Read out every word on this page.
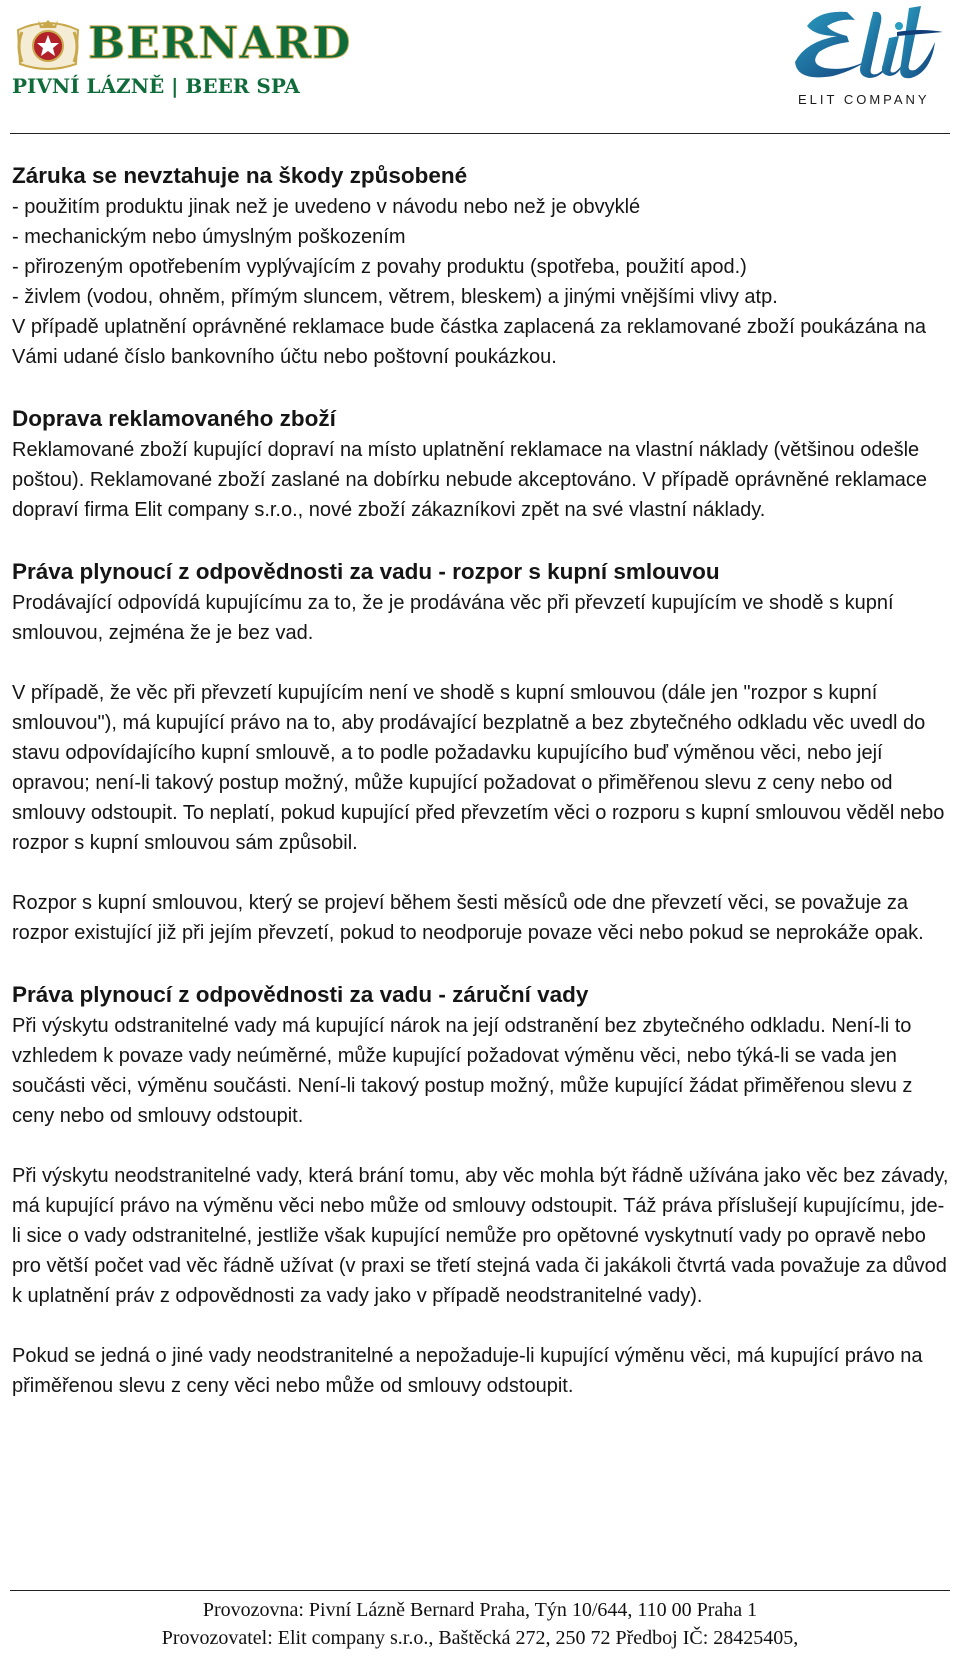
BERNARD
PIVNÍ LÁZNĚ | BEER SPA
ELIT COMPANY

Záruka se nevztahuje na škody způsobené

- použitím produktu jinak než je uvedeno v návodu nebo než je obvyklé

- mechanickým nebo úmyslným poškozením

- přirozeným opotřebením vyplývajícím z povahy produktu (spotřeba, použití apod.)

- živlem (vodou, ohněm, přímým sluncem, větrem, bleskem) a jinými vnějšími vlivy atp.

V případě uplatnění oprávněné reklamace bude částka zaplacená za reklamované zboží poukázána na Vámi udané číslo bankovního účtu nebo poštovní poukázkou.

Doprava reklamovaného zboží

Reklamované zboží kupující dopraví na místo uplatnění reklamace na vlastní náklady (většinou odešle poštou). Reklamované zboží zaslané na dobírku nebude akceptováno. V případě oprávněné reklamace dopraví firma Elit company s.r.o., nové zboží zákazníkovi zpět na své vlastní náklady.

Práva plynoucí z odpovědnosti za vadu - rozpor s kupní smlouvou

Prodávající odpovídá kupujícímu za to, že je prodávána věc při převzetí kupujícím ve shodě s kupní smlouvou, zejména že je bez vad.

V případě, že věc při převzetí kupujícím není ve shodě s kupní smlouvou (dále jen "rozpor s kupní smlouvou"), má kupující právo na to, aby prodávající bezplatně a bez zbytečného odkladu věc uvedl do stavu odpovídajícího kupní smlouvě, a to podle požadavku kupujícího buď výměnou věci, nebo její opravou; není-li takový postup možný, může kupující požadovat o přiměřenou slevu z ceny nebo od smlouvy odstoupit. To neplatí, pokud kupující před převzetím věci o rozporu s kupní smlouvou věděl nebo rozpor s kupní smlouvou sám způsobil.

Rozpor s kupní smlouvou, který se projeví během šesti měsíců ode dne převzetí věci, se považuje za rozpor existující již při jejím převzetí, pokud to neodporuje povaze věci nebo pokud se neprokáže opak.

Práva plynoucí z odpovědnosti za vadu - záruční vady

Při výskytu odstranitelné vady má kupující nárok na její odstranění bez zbytečného odkladu. Není-li to vzhledem k povaze vady neúměrné, může kupující požadovat výměnu věci, nebo týká-li se vada jen součásti věci, výměnu součásti. Není-li takový postup možný, může kupující žádat přiměřenou slevu z ceny nebo od smlouvy odstoupit.

Při výskytu neodstranitelné vady, která brání tomu, aby věc mohla být řádně užívána jako věc bez závady, má kupující právo na výměnu věci nebo může od smlouvy odstoupit. Táž práva příslušejí kupujícímu, jde-li sice o vady odstranitelné, jestliže však kupující nemůže pro opětovné vyskytnutí vady po opravě nebo pro větší počet vad věc řádně užívat (v praxi se třetí stejná vada či jakákoli čtvrtá vada považuje za důvod k uplatnění práv z odpovědnosti za vady jako v případě neodstranitelné vady).

Pokud se jedná o jiné vady neodstranitelné a nepožaduje-li kupující výměnu věci, má kupující právo na přiměřenou slevu z ceny věci nebo může od smlouvy odstoupit.

Provozovna: Pivní Lázně Bernard Praha, Týn 10/644, 110 00 Praha 1
Provozovatel: Elit company s.r.o., Baštěcká 272, 250 72 Předboj IČ: 28425405,
